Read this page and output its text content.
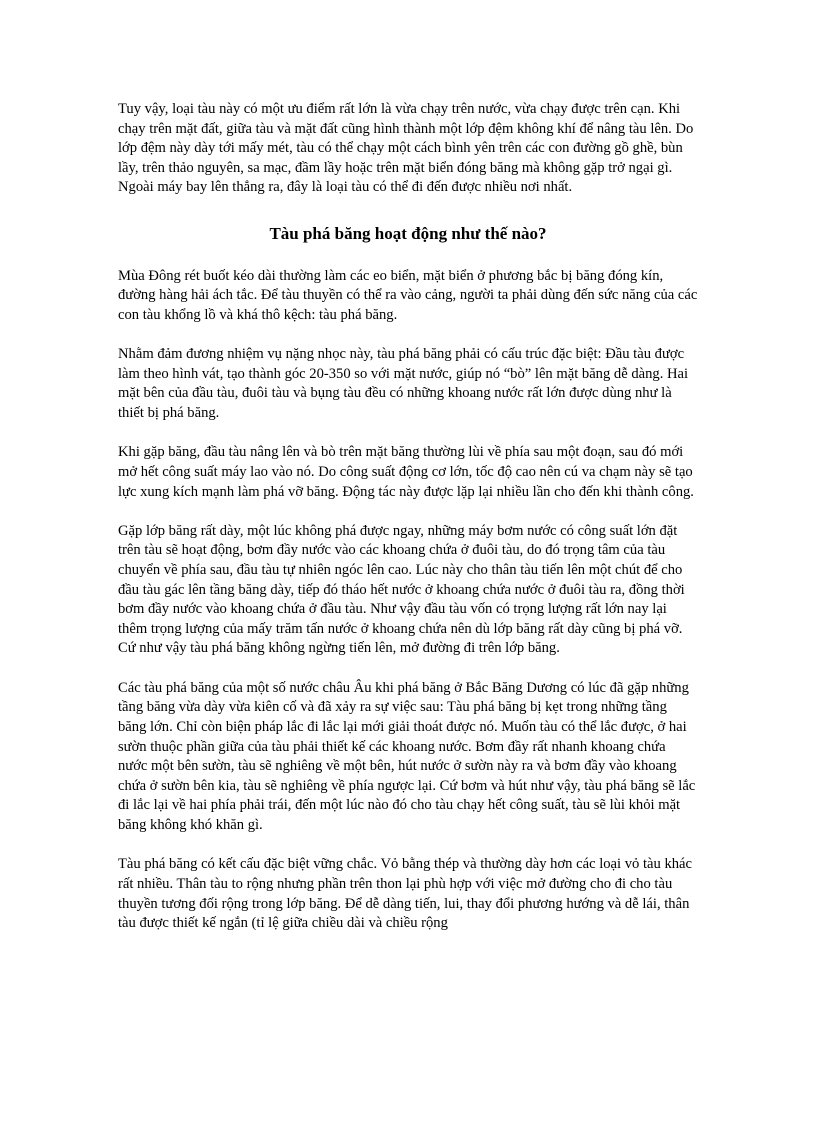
Tuy vậy, loại tàu này có một ưu điểm rất lớn là vừa chạy trên nước, vừa chạy được trên cạn. Khi chạy trên mặt đất, giữa tàu và mặt đất cũng hình thành một lớp đệm không khí để nâng tàu lên. Do lớp đệm này dày tới mấy mét, tàu có thể chạy một cách bình yên trên các con đường gồ ghề, bùn lầy, trên thảo nguyên, sa mạc, đầm lầy hoặc trên mặt biển đóng băng mà không gặp trở ngại gì. Ngoài máy bay lên thẳng ra, đây là loại tàu có thể đi đến được nhiều nơi nhất.

Tàu phá băng hoạt động như thế nào?

Mùa Đông rét buốt kéo dài thường làm các eo biển, mặt biển ở phương bắc bị băng đóng kín, đường hàng hải ách tắc. Để tàu thuyền có thể ra vào cảng, người ta phải dùng đến sức năng của các con tàu khổng lồ và khá thô kệch: tàu phá băng.

Nhằm đảm đương nhiệm vụ nặng nhọc này, tàu phá băng phải có cấu trúc đặc biệt: Đầu tàu được làm theo hình vát, tạo thành góc 20-350 so với mặt nước, giúp nó “bò” lên mặt băng dễ dàng. Hai mặt bên của đầu tàu, đuôi tàu và bụng tàu đều có những khoang nước rất lớn được dùng như là thiết bị phá băng.

Khi gặp băng, đầu tàu nâng lên và bò trên mặt băng thường lùi về phía sau một đoạn, sau đó mới mở hết công suất máy lao vào nó. Do công suất động cơ lớn, tốc độ cao nên cú va chạm này sẽ tạo lực xung kích mạnh làm phá vỡ băng. Động tác này được lặp lại nhiều lần cho đến khi thành công.

Gặp lớp băng rất dày, một lúc không phá được ngay, những máy bơm nước có công suất lớn đặt trên tàu sẽ hoạt động, bơm đầy nước vào các khoang chứa ở đuôi tàu, do đó trọng tâm của tàu chuyển về phía sau, đầu tàu tự nhiên ngóc lên cao. Lúc này cho thân tàu tiến lên một chút để cho đầu tàu gác lên tầng băng dày, tiếp đó tháo hết nước ở khoang chứa nước ở đuôi tàu ra, đồng thời bơm đầy nước vào khoang chứa ở đầu tàu. Như vậy đầu tàu vốn có trọng lượng rất lớn nay lại thêm trọng lượng của mấy trăm tấn nước ở khoang chứa nên dù lớp băng rất dày cũng bị phá vỡ. Cứ như vậy tàu phá băng không ngừng tiến lên, mở đường đi trên lớp băng.

Các tàu phá băng của một số nước châu Âu khi phá băng ở Bắc Băng Dương có lúc đã gặp những tầng băng vừa dày vừa kiên cố và đã xảy ra sự việc sau: Tàu phá băng bị kẹt trong những tầng băng lớn. Chỉ còn biện pháp lắc đi lắc lại mới giải thoát được nó. Muốn tàu có thể lắc được, ở hai sườn thuộc phần giữa của tàu phải thiết kế các khoang nước. Bơm đầy rất nhanh khoang chứa nước một bên sườn, tàu sẽ nghiêng về một bên, hút nước ở sườn này ra và bơm đầy vào khoang chứa ở sườn bên kia, tàu sẽ nghiêng về phía ngược lại. Cứ bơm và hút như vậy, tàu phá băng sẽ lắc đi lắc lại về hai phía phải trái, đến một lúc nào đó cho tàu chạy hết công suất, tàu sẽ lùi khỏi mặt băng không khó khăn gì.

Tàu phá băng có kết cấu đặc biệt vững chắc. Vỏ bằng thép và thường dày hơn các loại vỏ tàu khác rất nhiều. Thân tàu to rộng nhưng phần trên thon lại phù hợp với việc mở đường cho đi cho tàu thuyền tương đối rộng trong lớp băng. Để dễ dàng tiến, lui, thay đổi phương hướng và dễ lái, thân tàu được thiết kế ngắn (tỉ lệ giữa chiều dài và chiều rộng
